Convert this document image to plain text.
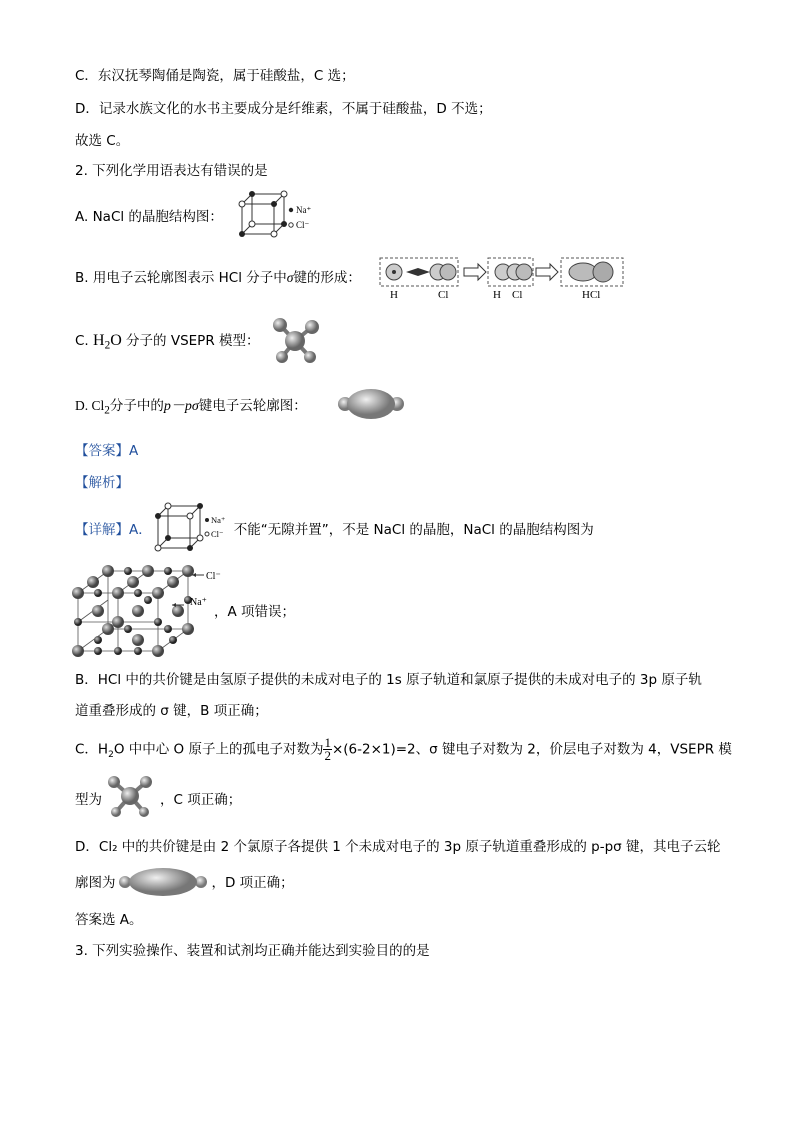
C．东汉抚琴陶俑是陶瓷，属于硅酸盐，C 选；
D．记录水族文化的水书主要成分是纤维素，不属于硅酸盐，D 不选；
故选 C。
2. 下列化学用语表达有错误的是
A. NaCl 的晶胞结构图：	Na⁺
Cl⁻
B. 用电子云轮廓图表示 HCl 分子中σ键的形成：
H	Cl	H Cl	HCl
C. $H_2O$ 分子的 VSEPR 模型：
D. $Cl_2$分子中的p－pσ键电子云轮廓图：
【答案】A
【解析】
【详解】A．	不能“无隙并置”，不是 NaCl 的晶胞，NaCl 的晶胞结构图为
Na⁺
Cl⁻
Cl⁻
Na⁺
，A 项错误；
B．HCl 中的共价键是由氢原子提供的未成对电子的 1s 原子轨道和氯原子提供的未成对电子的 3p 原子轨
道重叠形成的 σ 键，B 项正确；
C．$H_2O$ 中中心 O 原子上的孤电子对数为 $\frac{1}{2} \times(6-2\times 1)=2$、σ 键电子对数为 2，价层电子对数为 4，VSEPR 模
型为	，C 项正确；
D．Cl₂ 中的共价键是由 2 个氯原子各提供 1 个未成对电子的 3p 原子轨道重叠形成的 p-pσ 键，其电子云轮
廓图为	，D 项正确；
答案选 A。
3. 下列实验操作、装置和试剂均正确并能达到实验目的的是
